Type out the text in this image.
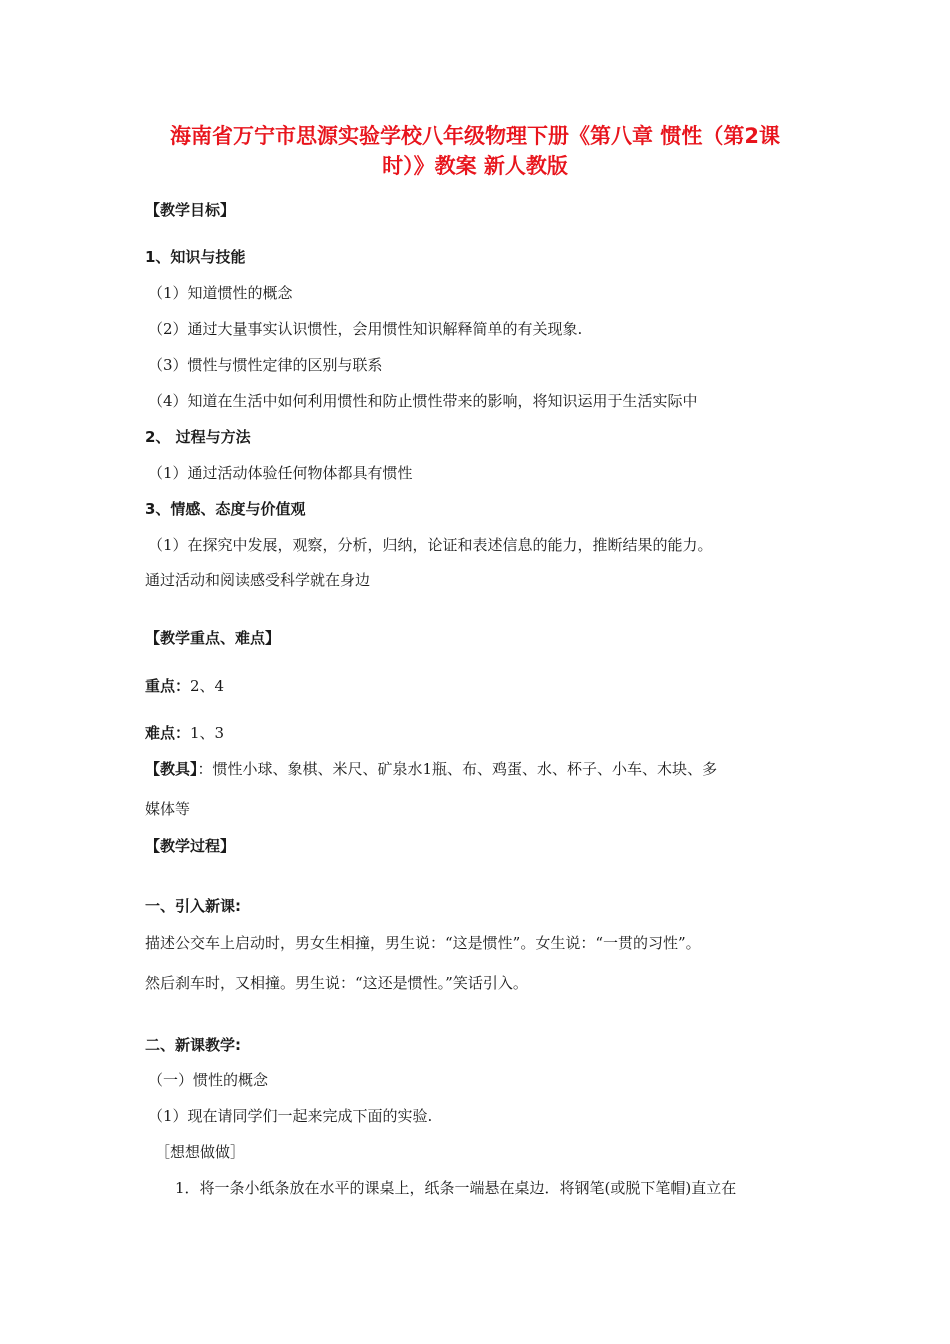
海南省万宁市思源实验学校八年级物理下册《第八章 惯性（第2课
时）》教案 新人教版
【教学目标】
1、知识与技能
（1）知道惯性的概念
（2）通过大量事实认识惯性，会用惯性知识解释简单的有关现象.
（3）惯性与惯性定律的区别与联系
（4）知道在生活中如何利用惯性和防止惯性带来的影响，将知识运用于生活实际中
2、 过程与方法
（1）通过活动体验任何物体都具有惯性
3、情感、态度与价值观
（1）在探究中发展，观察，分析，归纳，论证和表述信息的能力，推断结果的能力。
通过活动和阅读感受科学就在身边
【教学重点、难点】
重点：2、4
难点：1、3
【教具】：惯性小球、象棋、米尺、矿泉水1瓶、布、鸡蛋、水、杯子、小车、木块、多
媒体等
【教学过程】
一、引入新课:
描述公交车上启动时，男女生相撞，男生说：“这是惯性”。女生说：“一贯的习性”。
然后刹车时，又相撞。男生说：“这还是惯性。”笑话引入。
二、新课教学:
（一）惯性的概念
（1）现在请同学们一起来完成下面的实验.
［想想做做］
1．将一条小纸条放在水平的课桌上，纸条一端悬在桌边．将钢笔(或脱下笔帽)直立在
